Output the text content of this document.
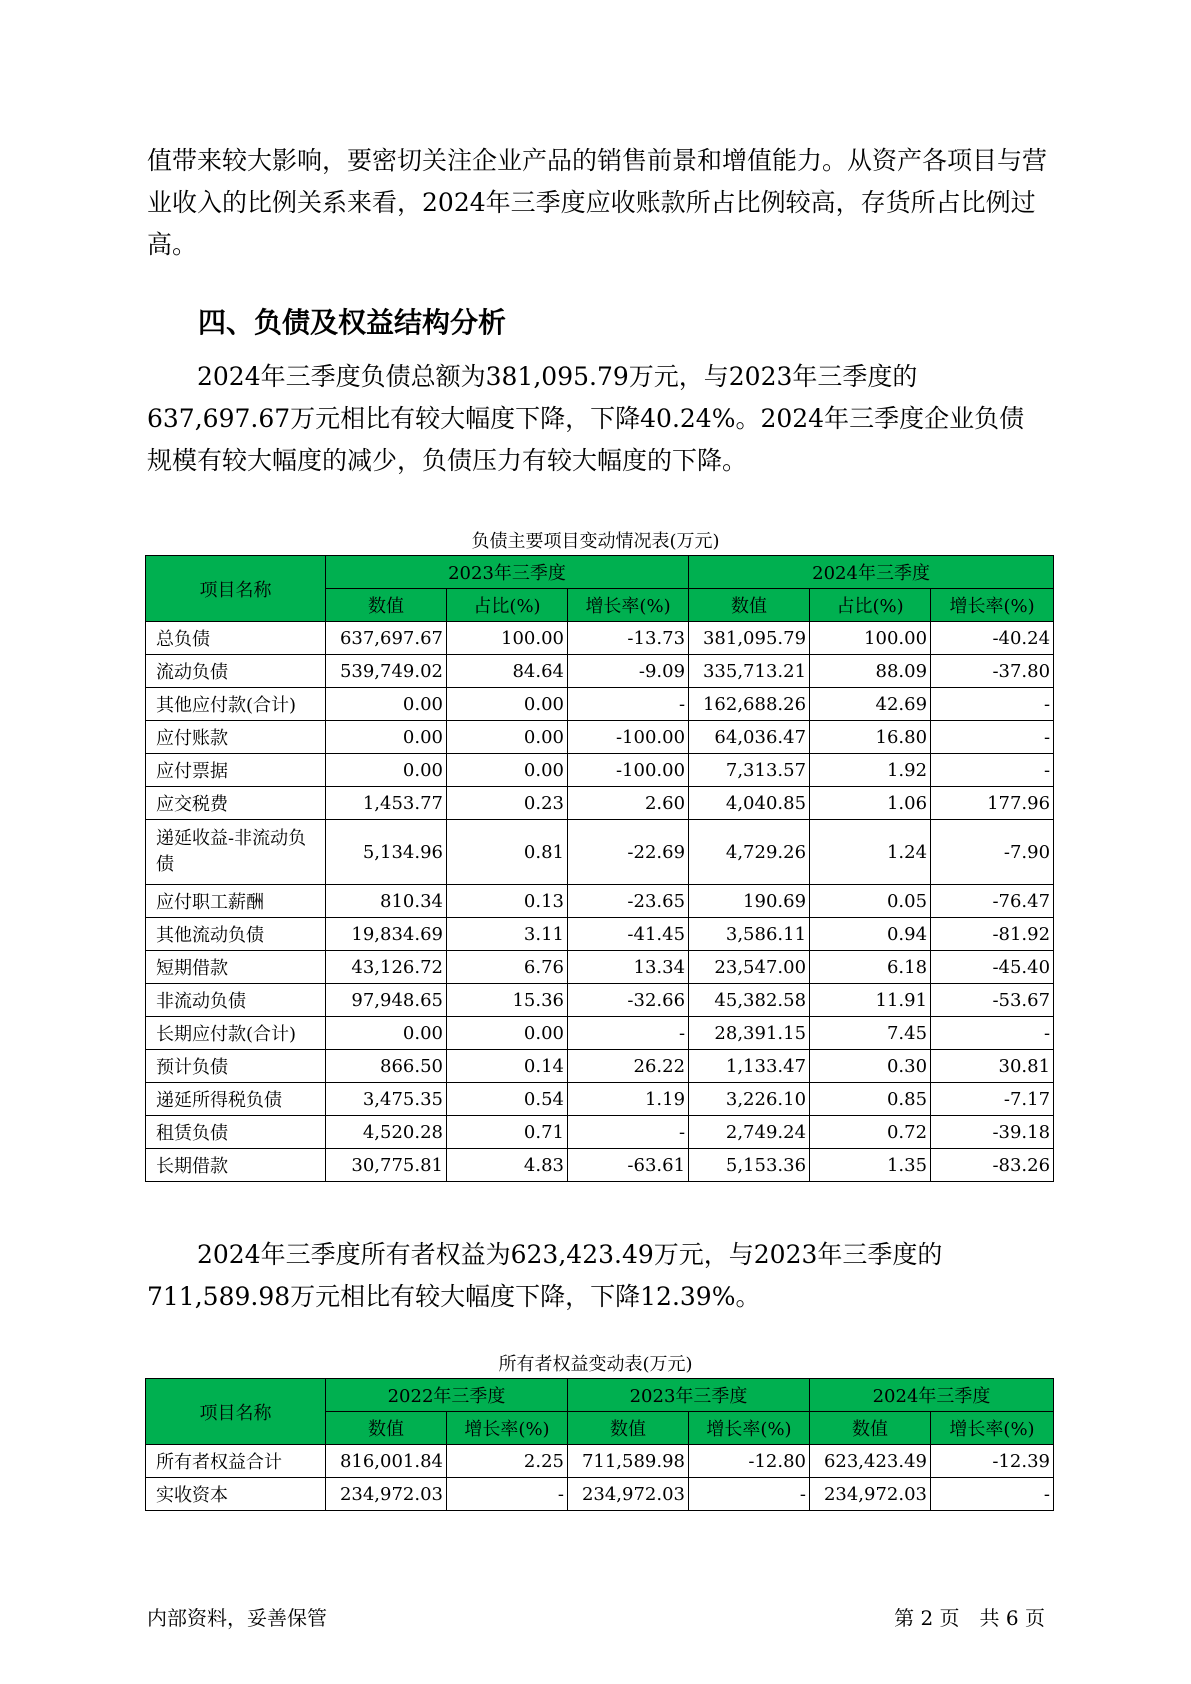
值带来较大影响，要密切关注企业产品的销售前景和增值能力。从资产各项目与营业收入的比例关系来看，2024年三季度应收账款所占比例较高，存货所占比例过高。

四、负债及权益结构分析

2024年三季度负债总额为381,095.79万元，与2023年三季度的637,697.67万元相比有较大幅度下降，下降40.24%。2024年三季度企业负债规模有较大幅度的减少，负债压力有较大幅度的下降。

负债主要项目变动情况表(万元)
项目名称	2023年三季度			2024年三季度		
	数值	占比(%)	增长率(%)	数值	占比(%)	增长率(%)
总负债	637,697.67	100.00	-13.73	381,095.79	100.00	-40.24
流动负债	539,749.02	84.64	-9.09	335,713.21	88.09	-37.80
其他应付款(合计)	0.00	0.00	-	162,688.26	42.69	-
应付账款	0.00	0.00	-100.00	64,036.47	16.80	-
应付票据	0.00	0.00	-100.00	7,313.57	1.92	-
应交税费	1,453.77	0.23	2.60	4,040.85	1.06	177.96
递延收益-非流动负债	5,134.96	0.81	-22.69	4,729.26	1.24	-7.90
应付职工薪酬	810.34	0.13	-23.65	190.69	0.05	-76.47
其他流动负债	19,834.69	3.11	-41.45	3,586.11	0.94	-81.92
短期借款	43,126.72	6.76	13.34	23,547.00	6.18	-45.40
非流动负债	97,948.65	15.36	-32.66	45,382.58	11.91	-53.67
长期应付款(合计)	0.00	0.00	-	28,391.15	7.45	-
预计负债	866.50	0.14	26.22	1,133.47	0.30	30.81
递延所得税负债	3,475.35	0.54	1.19	3,226.10	0.85	-7.17
租赁负债	4,520.28	0.71	-	2,749.24	0.72	-39.18
长期借款	30,775.81	4.83	-63.61	5,153.36	1.35	-83.26

2024年三季度所有者权益为623,423.49万元，与2023年三季度的711,589.98万元相比有较大幅度下降，下降12.39%。

所有者权益变动表(万元)
项目名称	2022年三季度		2023年三季度		2024年三季度	
	数值	增长率(%)	数值	增长率(%)	数值	增长率(%)
所有者权益合计	816,001.84	2.25	711,589.98	-12.80	623,423.49	-12.39
实收资本	234,972.03	-	234,972.03	-	234,972.03	-
内部资料，妥善保管	第 2 页　共 6 页
